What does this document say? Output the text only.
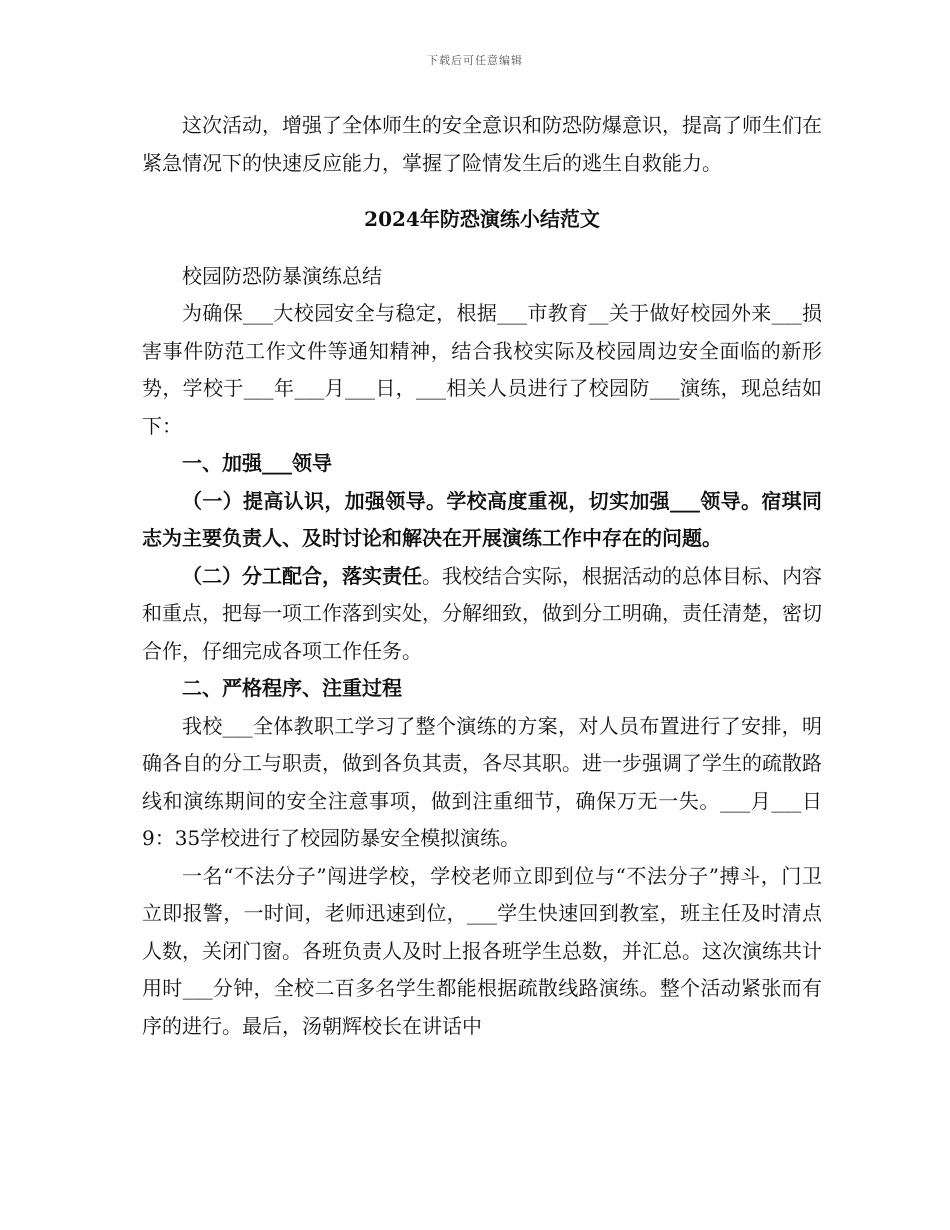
下载后可任意编辑

这次活动，增强了全体师生的安全意识和防恐防爆意识，提高了师生们在紧急情况下的快速反应能力，掌握了险情发生后的逃生自救能力。

2024年防恐演练小结范文

校园防恐防暴演练总结

为确保___大校园安全与稳定，根据___市教育__关于做好校园外来___损害事件防范工作文件等通知精神，结合我校实际及校园周边安全面临的新形势，学校于___年___月___日，___相关人员进行了校园防___演练，现总结如下：

一、加强___领导

（一）提高认识，加强领导。学校高度重视，切实加强___领导。宿琪同志为主要负责人、及时讨论和解决在开展演练工作中存在的问题。

（二）分工配合，落实责任。我校结合实际，根据活动的总体目标、内容和重点，把每一项工作落到实处，分解细致，做到分工明确，责任清楚，密切合作，仔细完成各项工作任务。

二、严格程序、注重过程

我校___全体教职工学习了整个演练的方案，对人员布置进行了安排，明确各自的分工与职责，做到各负其责，各尽其职。进一步强调了学生的疏散路线和演练期间的安全注意事项，做到注重细节，确保万无一失。___月___日9：35学校进行了校园防暴安全模拟演练。

一名“不法分子”闯进学校，学校老师立即到位与“不法分子”搏斗，门卫立即报警，一时间，老师迅速到位，___学生快速回到教室，班主任及时清点人数，关闭门窗。各班负责人及时上报各班学生总数，并汇总。这次演练共计用时___分钟，全校二百多名学生都能根据疏散线路演练。整个活动紧张而有序的进行。最后，汤朝辉校长在讲话中
